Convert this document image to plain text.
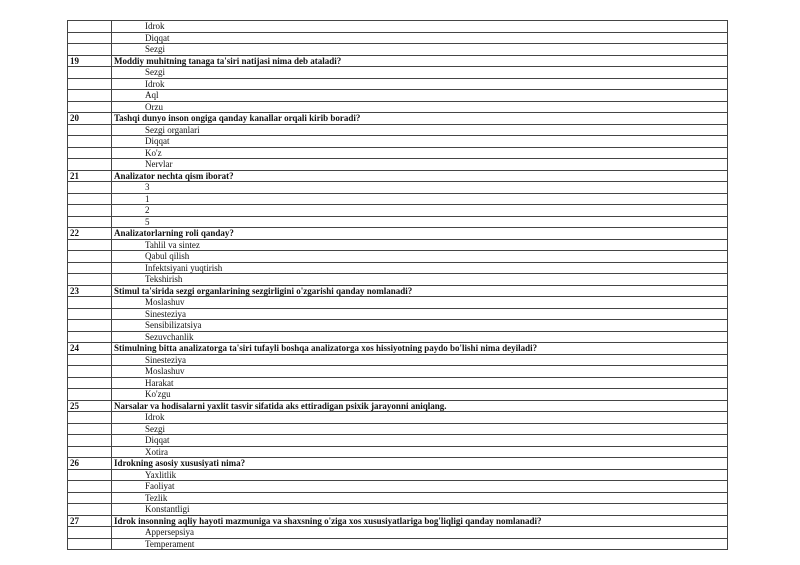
	Idrok
	Diqqat
	Sezgi
19	Moddiy muhitning tanaga ta'siri natijasi nima deb ataladi?
	Sezgi
	Idrok
	Aql
	Orzu
20	Tashqi dunyo inson ongiga qanday kanallar orqali kirib boradi?
	Sezgi organlari
	Diqqat
	Ko'z
	Nervlar
21	Analizator nechta qism iborat?
	3
	1
	2
	5
22	Analizatorlarning roli qanday?
	Tahlil va sintez
	Qabul qilish
	Infektsiyani yuqtirish
	Tekshirish
23	Stimul ta'sirida sezgi organlarining sezgirligini o'zgarishi qanday nomlanadi?
	Moslashuv
	Sinesteziya
	Sensibilizatsiya
	Sezuvchanlik
24	Stimulning bitta analizatorga ta'siri tufayli boshqa analizatorga xos hissiyotning paydo bo'lishi nima deyiladi?
	Sinesteziya
	Moslashuv
	Harakat
	Ko'zgu
25	Narsalar va hodisalarni yaxlit tasvir sifatida aks ettiradigan psixik jarayonni aniqlang.
	Idrok
	Sezgi
	Diqqat
	Xotira
26	Idrokning asosiy xususiyati nima?
	Yaxlitlik
	Faoliyat
	Tezlik
	Konstantligi
27	Idrok insonning aqliy hayoti mazmuniga va shaxsning o'ziga xos xususiyatlariga bog'liqligi qanday nomlanadi?
	Appersepsiya
	Temperament
